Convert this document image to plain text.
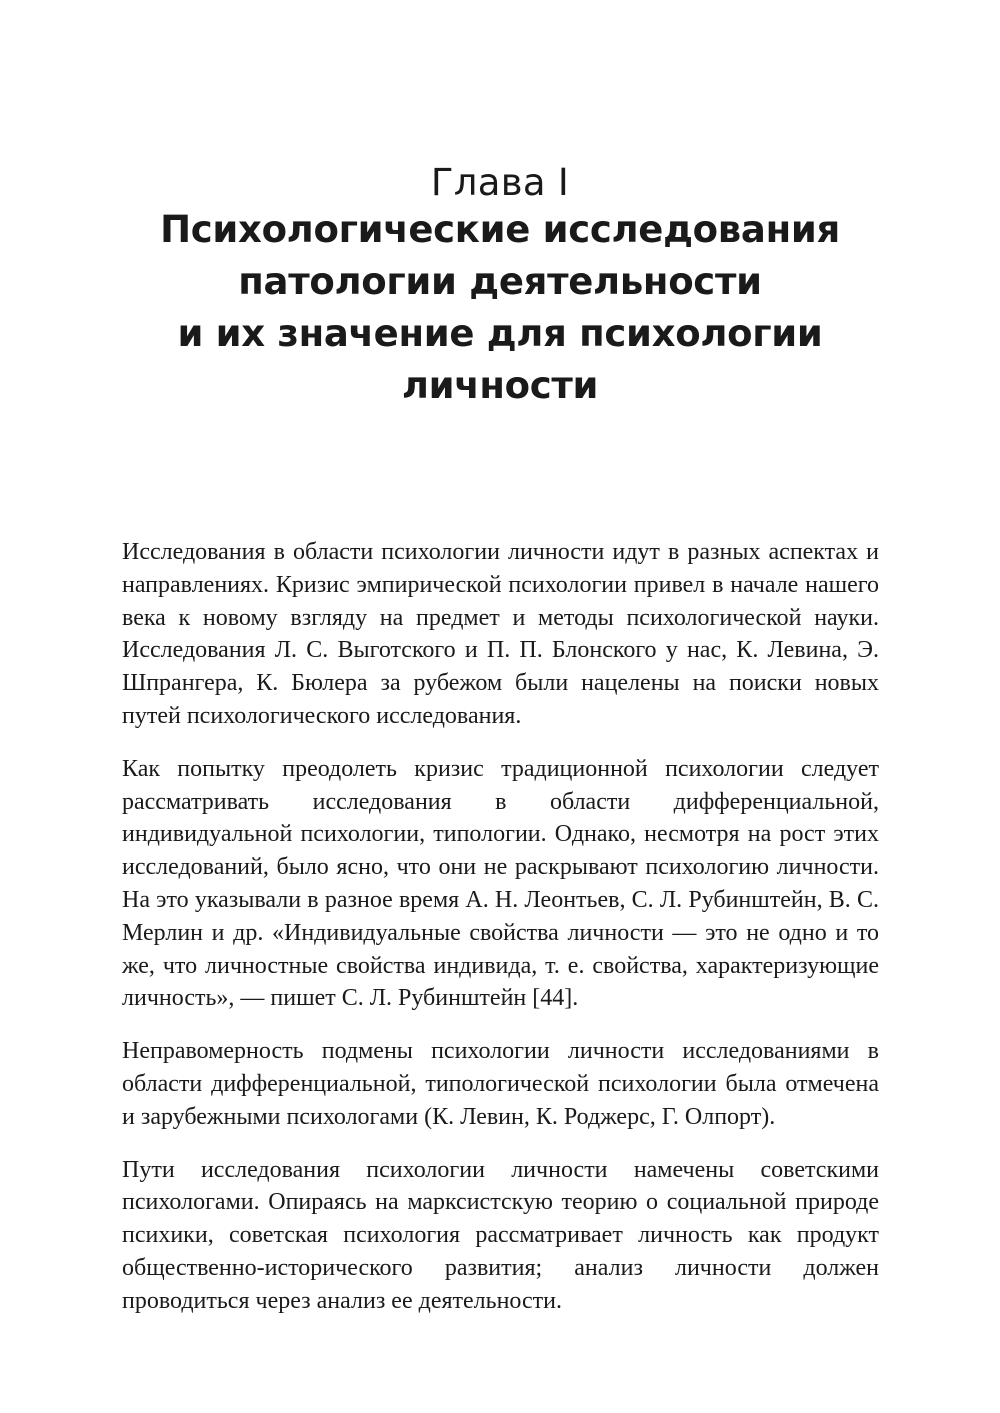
Глава I
Психологические исследования
патологии деятельности
и их значение для психологии
личности

Исследования в области психологии личности идут в разных аспектах и направлениях. Кризис эмпирической психологии привел в начале нашего века к новому взгляду на предмет и методы психологической науки. Исследования Л. С. Выготского и П. П. Блонского у нас, К. Левина, Э. Шпрангера, К. Бюлера за рубежом были нацелены на поиски новых путей психологического исследования.

Как попытку преодолеть кризис традиционной психологии следует рассматривать исследования в области дифференциальной, индивидуальной психологии, типологии. Однако, несмотря на рост этих исследований, было ясно, что они не раскрывают психологию личности. На это указывали в разное время А. Н. Леонтьев, С. Л. Рубинштейн, В. С. Мерлин и др. «Индивидуальные свойства личности — это не одно и то же, что личностные свойства индивида, т. е. свойства, характеризующие личность», — пишет С. Л. Рубинштейн [44].

Неправомерность подмены психологии личности исследованиями в области дифференциальной, типологической психологии была отмечена и зарубежными психологами (К. Левин, К. Роджерс, Г. Олпорт).

Пути исследования психологии личности намечены советскими психологами. Опираясь на марксистскую теорию о социальной природе психики, советская психология рассматривает личность как продукт общественно-исторического развития; анализ личности должен проводиться через анализ ее деятельности.
